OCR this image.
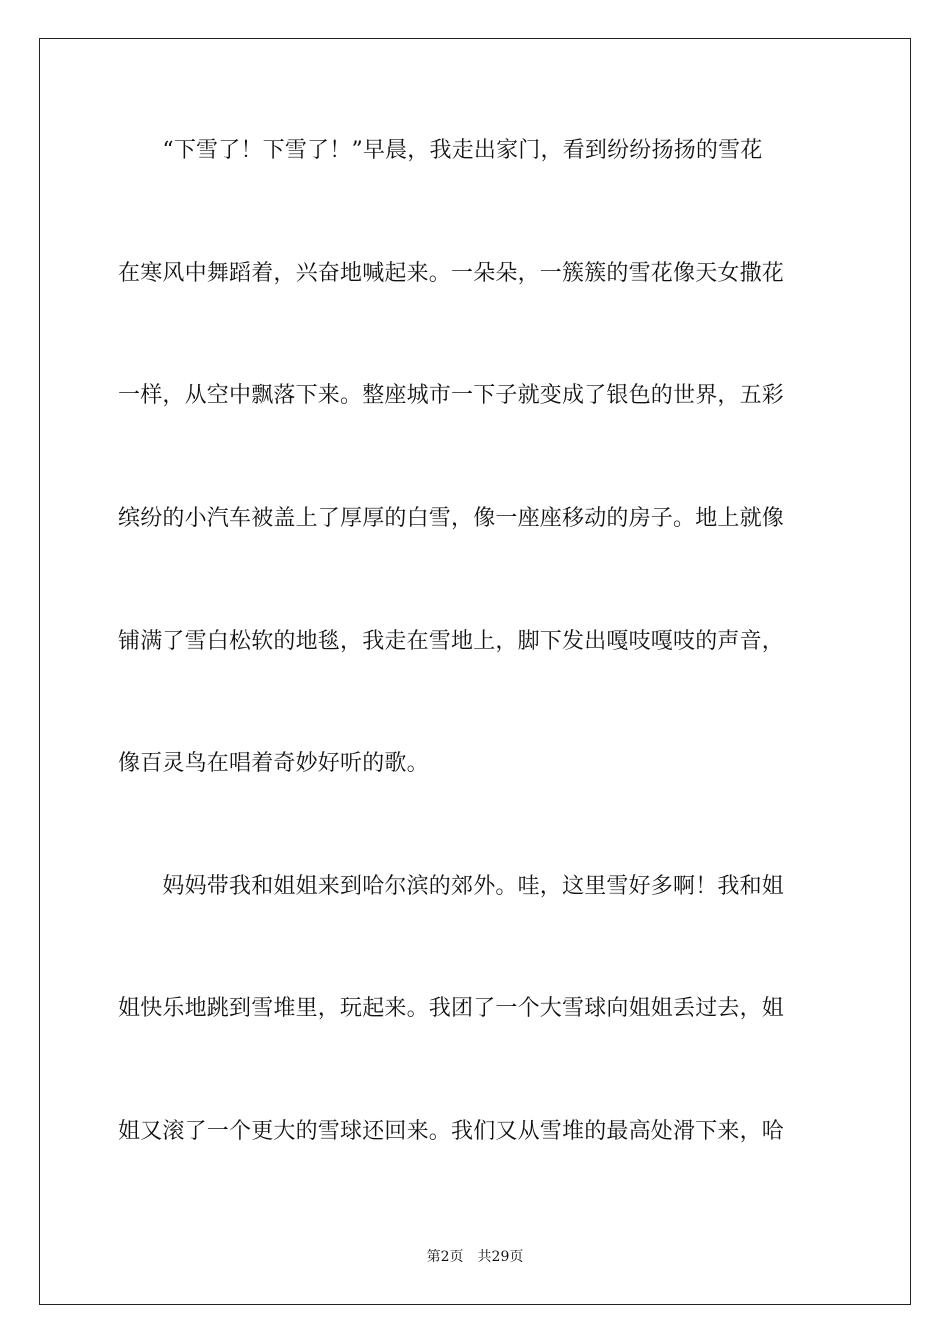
　　“下雪了！下雪了！”早晨，我走出家门，看到纷纷扬扬的雪花
在寒风中舞蹈着，兴奋地喊起来。一朵朵，一簇簇的雪花像天女撒花
一样，从空中飘落下来。整座城市一下子就变成了银色的世界，五彩
缤纷的小汽车被盖上了厚厚的白雪，像一座座移动的房子。地上就像
铺满了雪白松软的地毯，我走在雪地上，脚下发出嘎吱嘎吱的声音，
像百灵鸟在唱着奇妙好听的歌。
　　妈妈带我和姐姐来到哈尔滨的郊外。哇，这里雪好多啊！我和姐
姐快乐地跳到雪堆里，玩起来。我团了一个大雪球向姐姐丢过去，姐
姐又滚了一个更大的雪球还回来。我们又从雪堆的最高处滑下来，哈
第2页 共29页
